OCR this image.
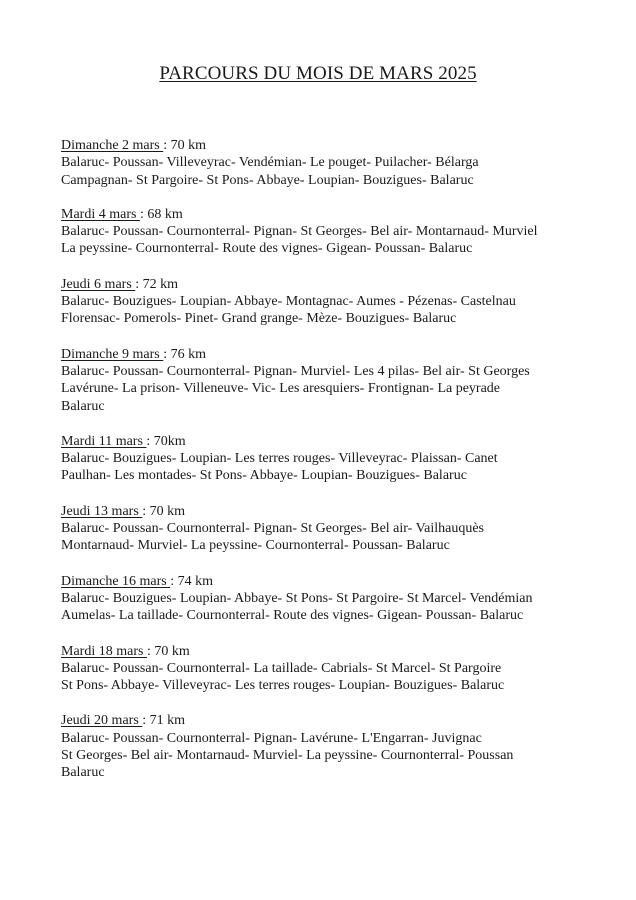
PARCOURS DU MOIS DE MARS 2025

Dimanche 2 mars : 70 km

Balaruc- Poussan- Villeveyrac- Vendémian- Le pouget- Puilacher- Bélarga

Campagnan- St Pargoire- St Pons- Abbaye- Loupian- Bouzigues- Balaruc

Mardi 4 mars : 68 km

Balaruc- Poussan- Cournonterral- Pignan- St Georges- Bel air- Montarnaud- Murviel

La peyssine- Cournonterral- Route des vignes- Gigean- Poussan- Balaruc

Jeudi 6 mars : 72 km

Balaruc- Bouzigues- Loupian- Abbaye- Montagnac- Aumes - Pézenas- Castelnau

Florensac- Pomerols- Pinet- Grand grange- Mèze- Bouzigues- Balaruc

Dimanche 9 mars : 76 km

Balaruc- Poussan- Cournonterral- Pignan- Murviel- Les 4 pilas- Bel air- St Georges

Lavérune- La prison- Villeneuve- Vic- Les aresquiers- Frontignan- La peyrade

Balaruc

Mardi 11 mars : 70km

Balaruc- Bouzigues- Loupian- Les terres rouges- Villeveyrac- Plaissan- Canet

Paulhan- Les montades- St Pons- Abbaye- Loupian- Bouzigues- Balaruc

Jeudi 13 mars : 70 km

Balaruc- Poussan- Cournonterral- Pignan- St Georges- Bel air- Vailhauquès

Montarnaud- Murviel- La peyssine- Cournonterral- Poussan- Balaruc

Dimanche 16 mars : 74 km

Balaruc- Bouzigues- Loupian- Abbaye- St Pons- St Pargoire- St Marcel- Vendémian

Aumelas- La taillade- Cournonterral- Route des vignes- Gigean- Poussan- Balaruc

Mardi 18 mars : 70 km

Balaruc- Poussan- Cournonterral- La taillade- Cabrials- St Marcel- St Pargoire

St Pons- Abbaye- Villeveyrac- Les terres rouges- Loupian- Bouzigues- Balaruc

Jeudi 20 mars : 71 km

Balaruc- Poussan- Cournonterral- Pignan- Lavérune- L'Engarran- Juvignac

St Georges- Bel air- Montarnaud- Murviel- La peyssine- Cournonterral- Poussan

Balaruc
